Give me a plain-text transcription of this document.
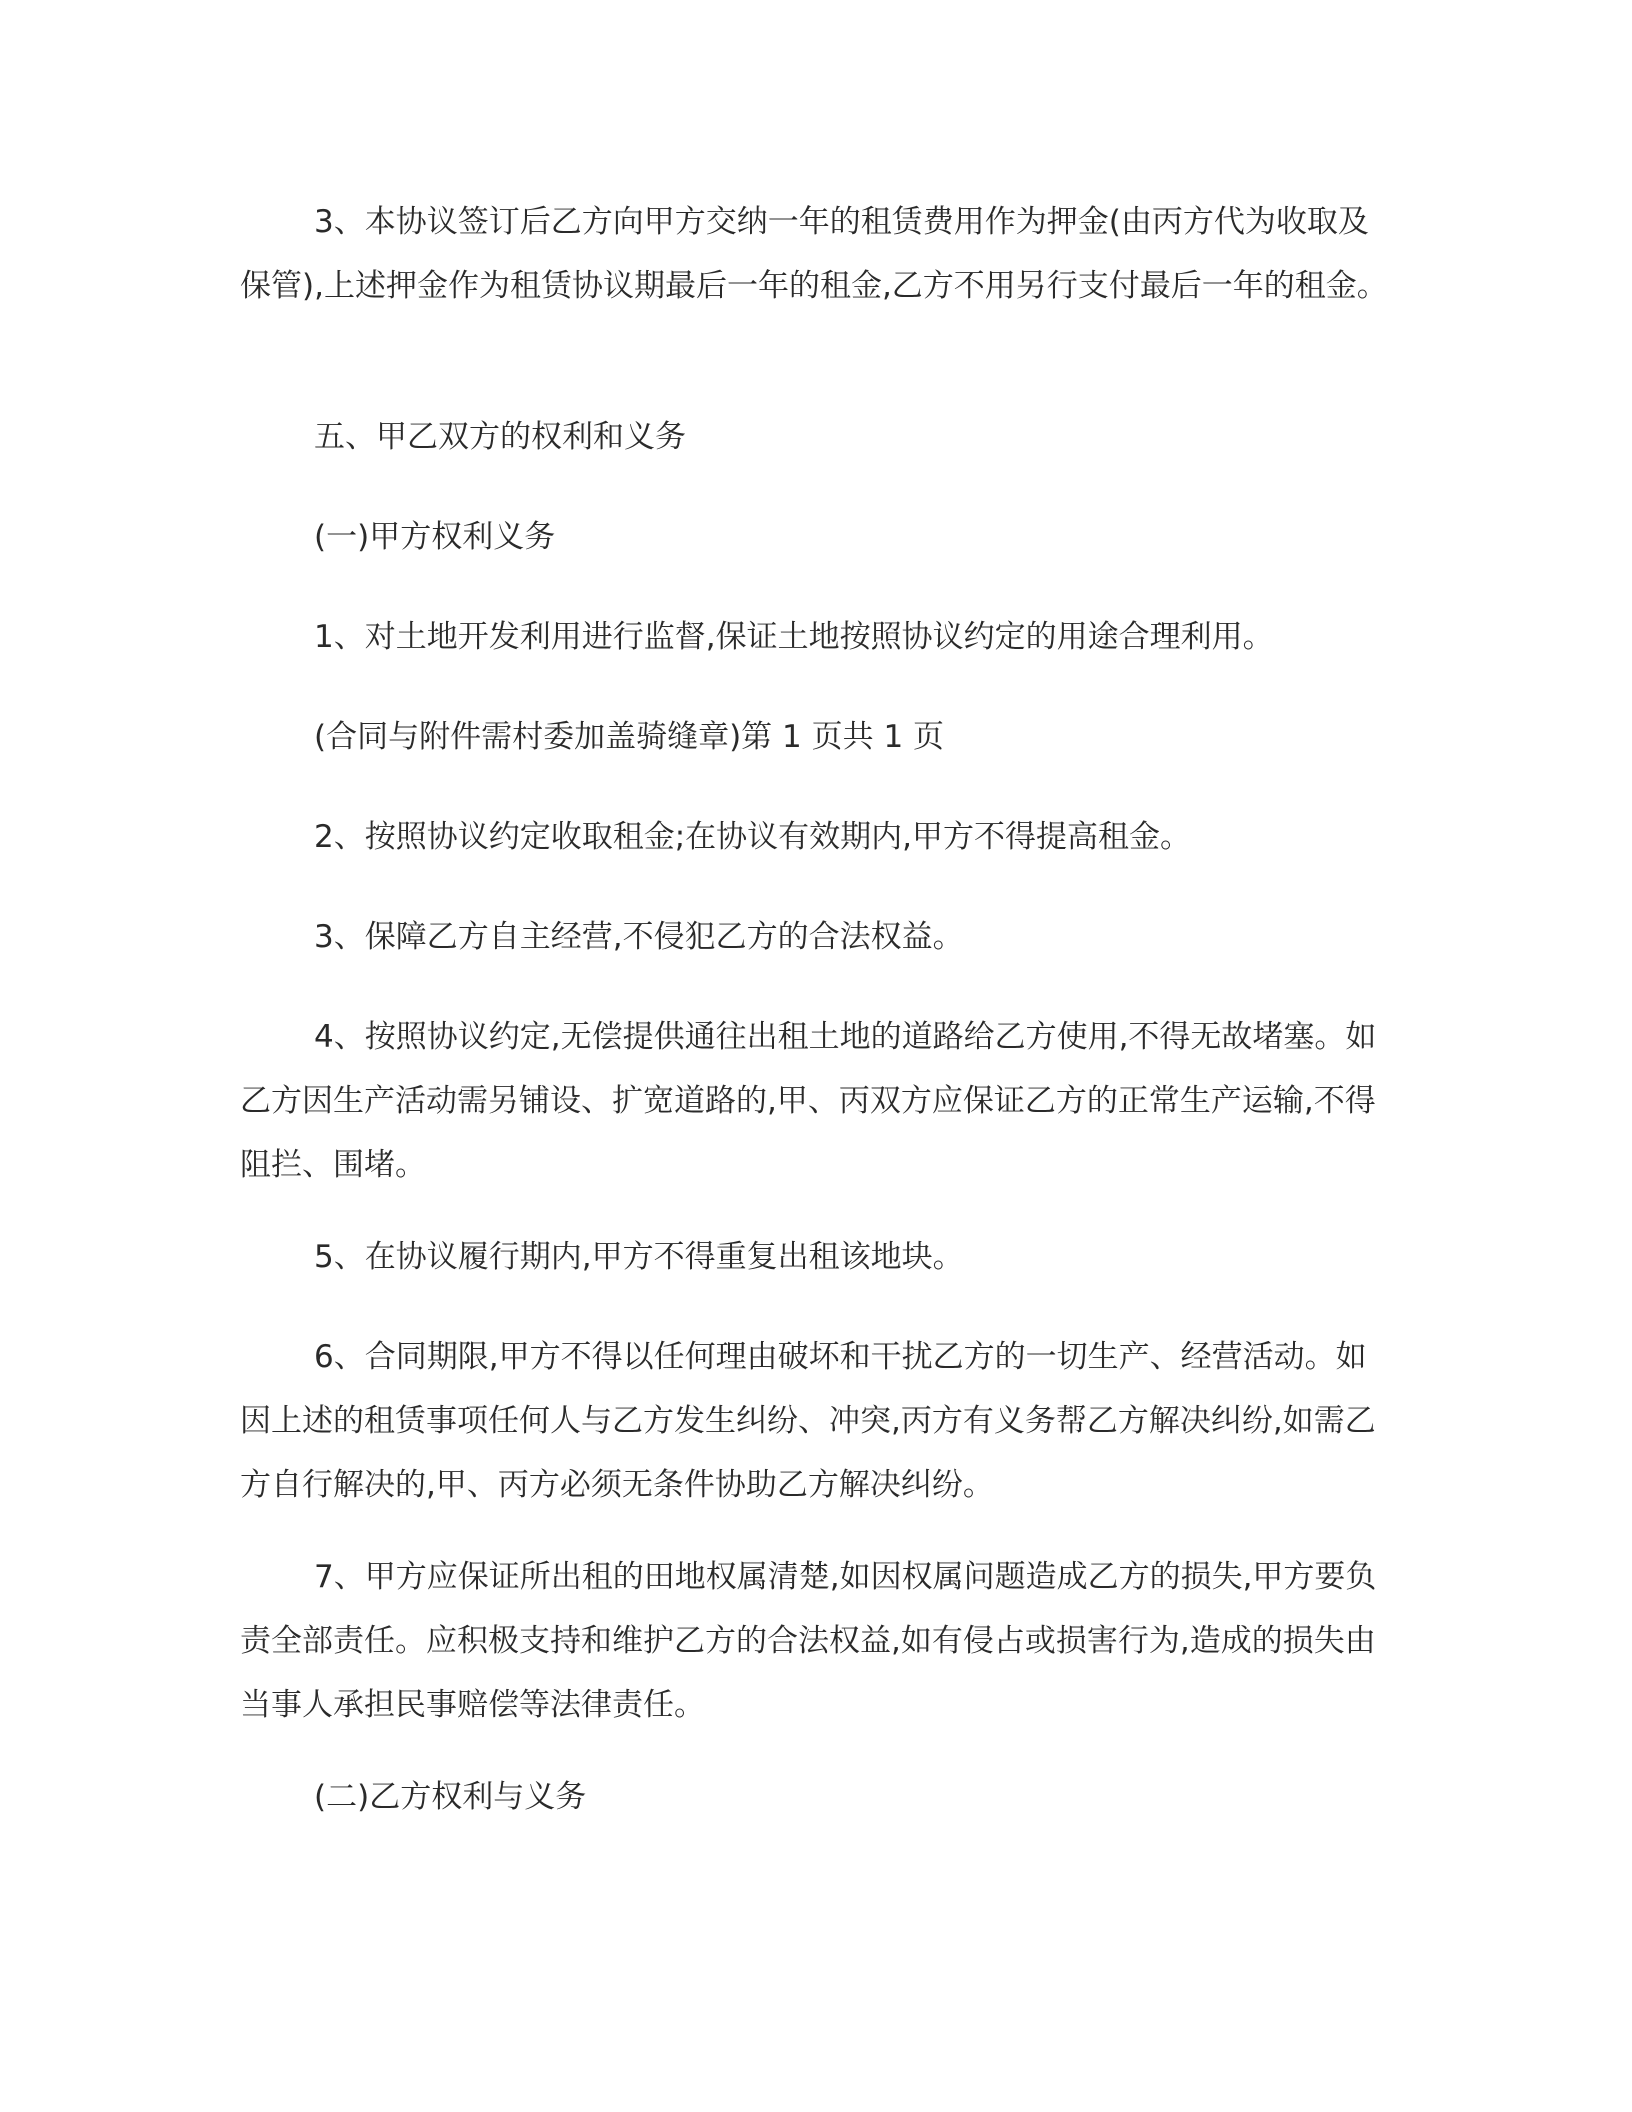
3、本协议签订后乙方向甲方交纳一年的租赁费用作为押金(由丙方代为收取及保管),上述押金作为租赁协议期最后一年的租金,乙方不用另行支付最后一年的租金。

五、甲乙双方的权利和义务

(一)甲方权利义务

1、对土地开发利用进行监督,保证土地按照协议约定的用途合理利用。

(合同与附件需村委加盖骑缝章)第 1 页共 1 页

2、按照协议约定收取租金;在协议有效期内,甲方不得提高租金。

3、保障乙方自主经营,不侵犯乙方的合法权益。

4、按照协议约定,无偿提供通往出租土地的道路给乙方使用,不得无故堵塞。如乙方因生产活动需另铺设、扩宽道路的,甲、丙双方应保证乙方的正常生产运输,不得阻拦、围堵。

5、在协议履行期内,甲方不得重复出租该地块。

6、合同期限,甲方不得以任何理由破坏和干扰乙方的一切生产、经营活动。如因上述的租赁事项任何人与乙方发生纠纷、冲突,丙方有义务帮乙方解决纠纷,如需乙方自行解决的,甲、丙方必须无条件协助乙方解决纠纷。

7、甲方应保证所出租的田地权属清楚,如因权属问题造成乙方的损失,甲方要负责全部责任。应积极支持和维护乙方的合法权益,如有侵占或损害行为,造成的损失由当事人承担民事赔偿等法律责任。

(二)乙方权利与义务
